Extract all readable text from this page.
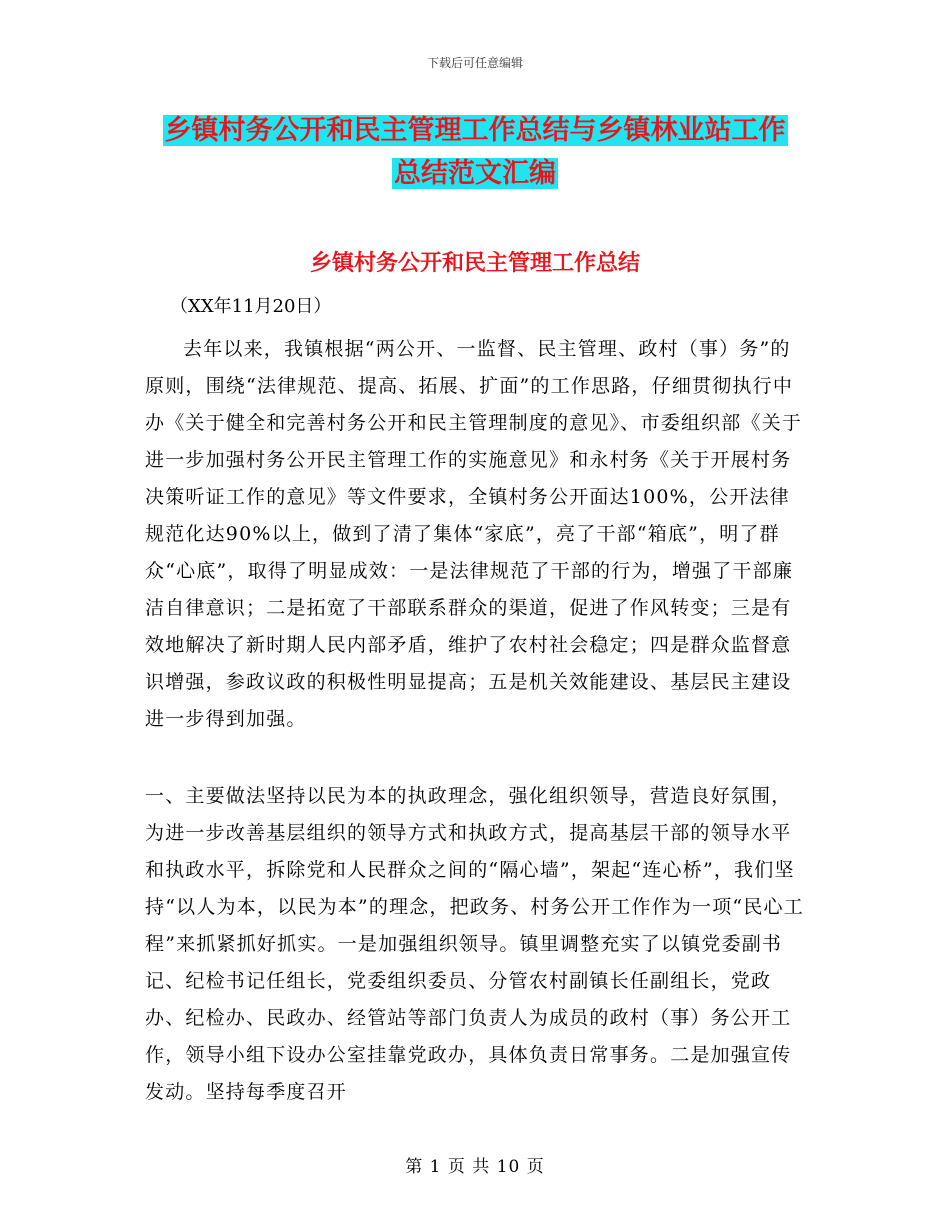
下载后可任意编辑
乡镇村务公开和民主管理工作总结与乡镇林业站工作
总结范文汇编
乡镇村务公开和民主管理工作总结
（XX年11月20日）
去年以来，我镇根据“两公开、一监督、民主管理、政村（事）务”的原则，围绕“法律规范、提高、拓展、扩面”的工作思路，仔细贯彻执行中办《关于健全和完善村务公开和民主管理制度的意见》、市委组织部《关于进一步加强村务公开民主管理工作的实施意见》和永村务《关于开展村务决策听证工作的意见》等文件要求，全镇村务公开面达100%，公开法律规范化达90%以上，做到了清了集体“家底”，亮了干部“箱底”，明了群众“心底”，取得了明显成效：一是法律规范了干部的行为，增强了干部廉洁自律意识；二是拓宽了干部联系群众的渠道，促进了作风转变；三是有效地解决了新时期人民内部矛盾，维护了农村社会稳定；四是群众监督意识增强，参政议政的积极性明显提高；五是机关效能建设、基层民主建设进一步得到加强。
一、主要做法坚持以民为本的执政理念，强化组织领导，营造良好氛围，为进一步改善基层组织的领导方式和执政方式，提高基层干部的领导水平和执政水平，拆除党和人民群众之间的“隔心墙”，架起“连心桥”，我们坚持“以人为本，以民为本”的理念，把政务、村务公开工作作为一项“民心工程”来抓紧抓好抓实。一是加强组织领导。镇里调整充实了以镇党委副书记、纪检书记任组长，党委组织委员、分管农村副镇长任副组长，党政办、纪检办、民政办、经管站等部门负责人为成员的政村（事）务公开工作，领导小组下设办公室挂靠党政办，具体负责日常事务。二是加强宣传发动。坚持每季度召开
第 1 页 共 10 页
